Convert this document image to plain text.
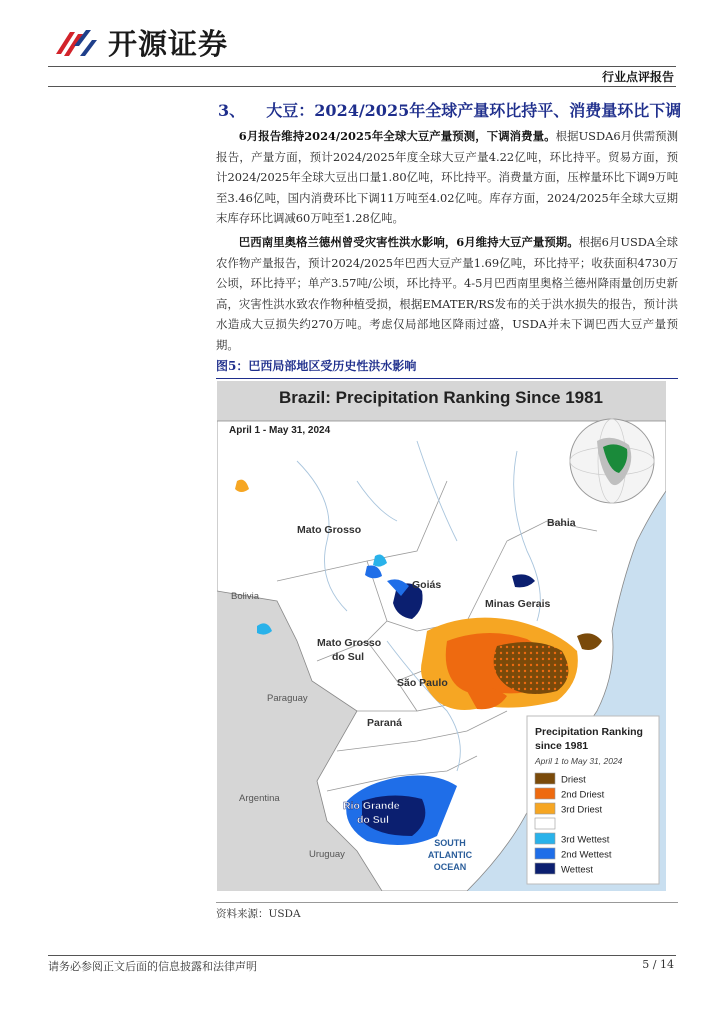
开源证券
行业点评报告
3、 大豆：2024/2025年全球产量环比持平、消费量环比下调
6月报告维持2024/2025年全球大豆产量预测，下调消费量。根据USDA6月供需预测报告，产量方面，预计2024/2025年度全球大豆产量4.22亿吨，环比持平。贸易方面，预计2024/2025年全球大豆出口量1.80亿吨，环比持平。消费量方面，压榨量环比下调9万吨至3.46亿吨，国内消费环比下调11万吨至4.02亿吨。库存方面，2024/2025年全球大豆期末库存环比调减60万吨至1.28亿吨。
巴西南里奥格兰德州曾受灾害性洪水影响，6月维持大豆产量预期。根据6月USDA全球农作物产量报告，预计2024/2025年巴西大豆产量1.69亿吨，环比持平；收获面积4730万公顷，环比持平；单产3.57吨/公顷，环比持平。4-5月巴西南里奥格兰德州降雨量创历史新高，灾害性洪水致农作物种植受损，根据EMATER/RS发布的关于洪水损失的报告，预计洪水造成大豆损失约270万吨。考虑仅局部地区降雨过盛，USDA并未下调巴西大豆产量预期。
图5：巴西局部地区受历史性洪水影响
Brazil: Precipitation Ranking Since 1981
April 1 - May 31, 2024
Mato Grosso
Bahia
Goiás
Minas Gerais
Mato Grosso
do Sul
São Paulo
Paraná
Rio Grande
do Sul
Bolivia
Paraguay
Argentina
Uruguay
SOUTH
ATLANTIC
OCEAN
Precipitation Ranking
since 1981
April 1 to May 31, 2024
Driest
2nd Driest
3rd Driest
3rd Wettest
2nd Wettest
Wettest
资料来源：USDA
请务必参阅正文后面的信息披露和法律声明	5 / 14
